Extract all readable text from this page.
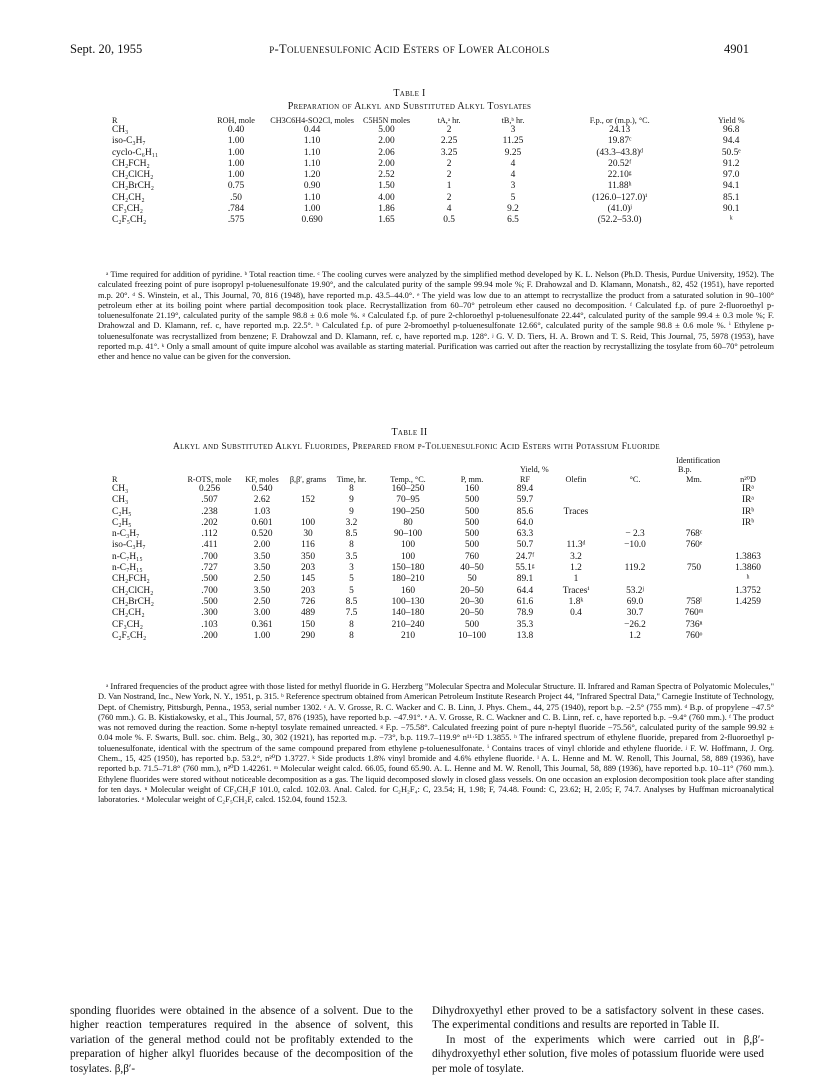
Sept. 20, 1955	p-Toluenesulfonic Acid Esters of Lower Alcohols	4901
Table I
Preparation of Alkyl and Substituted Alkyl Tosylates
R	ROH, mole	CH3C6H4-SO2Cl, moles	C5H5N moles	tA,ᵃ hr.	tB,ᵇ hr.	F.p., or (m.p.), °C.	Yield %
CH₃	0.40	0.44	5.00	2	3	24.13	96.8
iso-C₃H₇	1.00	1.10	2.00	2.25	11.25	19.87ᶜ	94.4
cyclo-C₆H₁₁	1.00	1.10	2.06	3.25	9.25	(43.3–43.8)ᵈ	50.5ᵉ
CH₂FCH₂	1.00	1.10	2.00	2	4	20.52ᶠ	91.2
CH₂ClCH₂	1.00	1.20	2.52	2	4	22.10ᵍ	97.0
CH₂BrCH₂	0.75	0.90	1.50	1	3	11.88ʰ	94.1
CH₂CH₂	.50	1.10	4.00	2	5	(126.0–127.0)ⁱ	85.1
CF₃CH₂	.784	1.00	1.86	4	9.2	(41.0)ʲ	90.1
C₂F₅CH₂	.575	0.690	1.65	0.5	6.5	(52.2–53.0)	ᵏ

ᵃ Time required for addition of pyridine. ᵇ Total reaction time. ᶜ The cooling curves were analyzed by the simplified method developed by K. L. Nelson (Ph.D. Thesis, Purdue University, 1952). The calculated freezing point of pure isopropyl p-toluenesulfonate 19.90°, and the calculated purity of the sample 99.94 mole %; F. Drahowzal and D. Klamann, Monatsh., 82, 452 (1951), have reported m.p. 20°. ᵈ S. Winstein, et al., This Journal, 70, 816 (1948), have reported m.p. 43.5–44.0°. ᵉ The yield was low due to an attempt to recrystallize the product from a saturated solution in 90–100° petroleum ether at its boiling point where partial decomposition took place. Recrystallization from 60–70° petroleum ether caused no decomposition. ᶠ Calculated f.p. of pure 2-fluoroethyl p-toluenesulfonate 21.19°, calculated purity of the sample 98.8 ± 0.6 mole %. ᵍ Calculated f.p. of pure 2-chloroethyl p-toluenesulfonate 22.44°, calculated purity of the sample 99.4 ± 0.3 mole %; F. Drahowzal and D. Klamann, ref. c, have reported m.p. 22.5°. ʰ Calculated f.p. of pure 2-bromoethyl p-toluenesulfonate 12.66°, calculated purity of the sample 98.8 ± 0.6 mole %. ⁱ Ethylene p-toluenesulfonate was recrystallized from benzene; F. Drahowzal and D. Klamann, ref. c, have reported m.p. 128°. ʲ G. V. D. Tiers, H. A. Brown and T. S. Reid, This Journal, 75, 5978 (1953), have reported m.p. 41°. ᵏ Only a small amount of quite impure alcohol was available as starting material. Purification was carried out after the reaction by recrystallizing the tosylate from 60–70° petroleum ether and hence no value can be given for the conversion.

Table II
Alkyl and Substituted Alkyl Fluorides, Prepared from p-Toluenesulfonic Acid Esters with Potassium Fluoride
Identification
Yield, %	B.p.
R	R-OTS, mole	KF, moles	β,β′, grams	Time, hr.	Temp., °C.	P, mm.	RF	Olefin	°C.	Mm.	n²⁰D
CH₃	0.256	0.540		8	160–250	160	89.4				IRᵃ
CH₃	.507	2.62	152	9	70–95	500	59.7				IRᵃ
C₂H₅	.238	1.03		9	190–250	500	85.6	Traces			IRᵇ
C₂H₅	.202	0.601	100	3.2	80	500	64.0				IRᵇ
n-C₃H₇	.112	0.520	30	8.5	90–100	500	63.3		− 2.3	768ᶜ	
iso-C₃H₇	.411	2.00	116	8	100	500	50.7	11.3ᵈ	−10.0	760ᵉ	
n-C₇H₁₅	.700	3.50	350	3.5	100	760	24.7ᶠ	3.2			1.3863
n-C₇H₁₅	.727	3.50	203	3	150–180	40–50	55.1ᵍ	1.2	119.2	750	1.3860
CH₂FCH₂	.500	2.50	145	5	180–210	50	89.1	1			ʰ
CH₂ClCH₂	.700	3.50	203	5	160	20–50	64.4	Tracesⁱ	53.2ʲ		1.3752
CH₂BrCH₂	.500	2.50	726	8.5	100–130	20–30	61.6	1.8ᵏ	69.0	758ˡ	1.4259
CH₂CH₂	.300	3.00	489	7.5	140–180	20–50	78.9	0.4	30.7	760ᵐ	
CF₃CH₂	.103	0.361	150	8	210–240	500	35.3		−26.2	736ⁿ	
C₂F₅CH₂	.200	1.00	290	8	210	10–100	13.8		1.2	760ᵒ	

ᵃ Infrared frequencies of the product agree with those listed for methyl fluoride in G. Herzberg "Molecular Spectra and Molecular Structure. II. Infrared and Raman Spectra of Polyatomic Molecules," D. Van Nostrand, Inc., New York, N. Y., 1951, p. 315. ᵇ Reference spectrum obtained from American Petroleum Institute Research Project 44, "Infrared Spectral Data," Carnegie Institute of Technology, Dept. of Chemistry, Pittsburgh, Penna., 1953, serial number 1302. ᶜ A. V. Grosse, R. C. Wacker and C. B. Linn, J. Phys. Chem., 44, 275 (1940), report b.p. −2.5° (755 mm). ᵈ B.p. of propylene −47.5° (760 mm.). G. B. Kistiakowsky, et al., This Journal, 57, 876 (1935), have reported b.p. −47.91°. ᵉ A. V. Grosse, R. C. Wackner and C. B. Linn, ref. c, have reported b.p. −9.4° (760 mm.). ᶠ The product was not removed during the reaction. Some n-heptyl tosylate remained unreacted. ᵍ F.p. −75.58°. Calculated freezing point of pure n-heptyl fluoride −75.56°, calculated purity of the sample 99.92 ± 0.04 mole %. F. Swarts, Bull. soc. chim. Belg., 30, 302 (1921), has reported m.p. −73°, b.p. 119.7–119.9° n¹¹·⁵D 1.3855. ʰ The infrared spectrum of ethylene fluoride, prepared from 2-fluoroethyl p-toluenesulfonate, identical with the spectrum of the same compound prepared from ethylene p-toluenesulfonate. ⁱ Contains traces of vinyl chloride and ethylene fluoride. ʲ F. W. Hoffmann, J. Org. Chem., 15, 425 (1950), has reported b.p. 53.2°, n²⁰D 1.3727. ᵏ Side products 1.8% vinyl bromide and 4.6% ethylene fluoride. ˡ A. L. Henne and M. W. Renoll, This Journal, 58, 889 (1936), have reported b.p. 71.5–71.8° (760 mm.), n²⁰D 1.42261. ᵐ Molecular weight calcd. 66.05, found 65.90. A. L. Henne and M. W. Renoll, This Journal, 58, 889 (1936), have reported b.p. 10–11° (760 mm.). Ethylene fluorides were stored without noticeable decomposition as a gas. The liquid decomposed slowly in closed glass vessels. On one occasion an explosion decomposition took place after standing for ten days. ⁿ Molecular weight of CF₃CH₂F 101.0, calcd. 102.03. Anal. Calcd. for C₂H₂F₄: C, 23.54; H, 1.98; F, 74.48. Found: C, 23.62; H, 2.05; F, 74.7. Analyses by Huffman microanalytical laboratories. ᵒ Molecular weight of C₂F₅CH₂F, calcd. 152.04, found 152.3.

sponding fluorides were obtained in the absence of a solvent. Due to the higher reaction temperatures required in the absence of solvent, this variation of the general method could not be profitably extended to the preparation of higher alkyl fluorides because of the decomposition of the tosylates. β,β′-

Dihydroxyethyl ether proved to be a satisfactory solvent in these cases. The experimental conditions and results are reported in Table II.

In most of the experiments which were carried out in β,β′-dihydroxyethyl ether solution, five moles of potassium fluoride were used per mole of tosylate.
